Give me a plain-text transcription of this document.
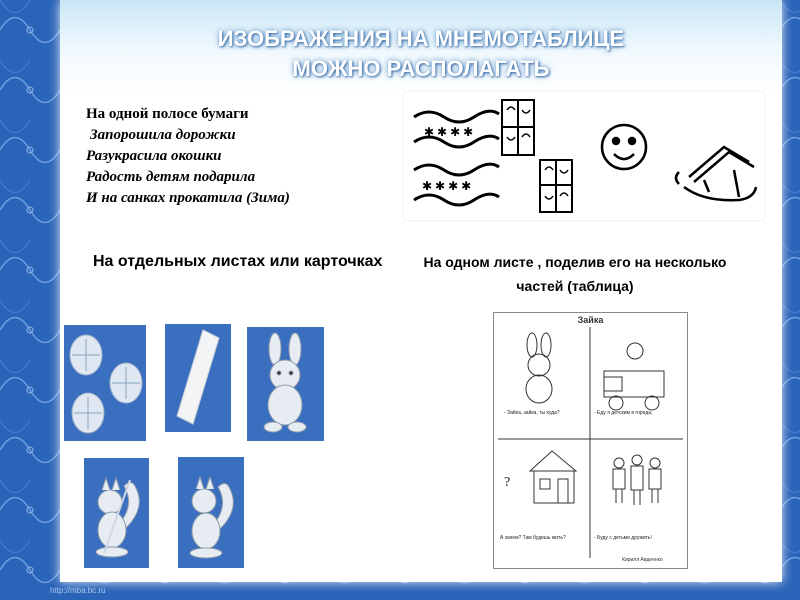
ИЗОБРАЖЕНИЯ НА МНЕМОТАБЛИЦЕ
МОЖНО РАСПОЛАГАТЬ
На одной полосе бумаги
Запорошила дорожки
Разукрасила окошки
Радость детям подарила
И на санках прокатила (Зима)
✱ ✱ ✱ ✱
✱ ✱ ✱ ✱
На отдельных листах или карточках	На одном листе , поделив его на несколько частей (таблица)
Зайка
- Зайка, зайка, ты куда?	- Еду я детским в города,
А зачем? Там будешь жить?	- Буду с детьми дружить!
?
Кирилл Авдеенко
http://mba.bc.ru
